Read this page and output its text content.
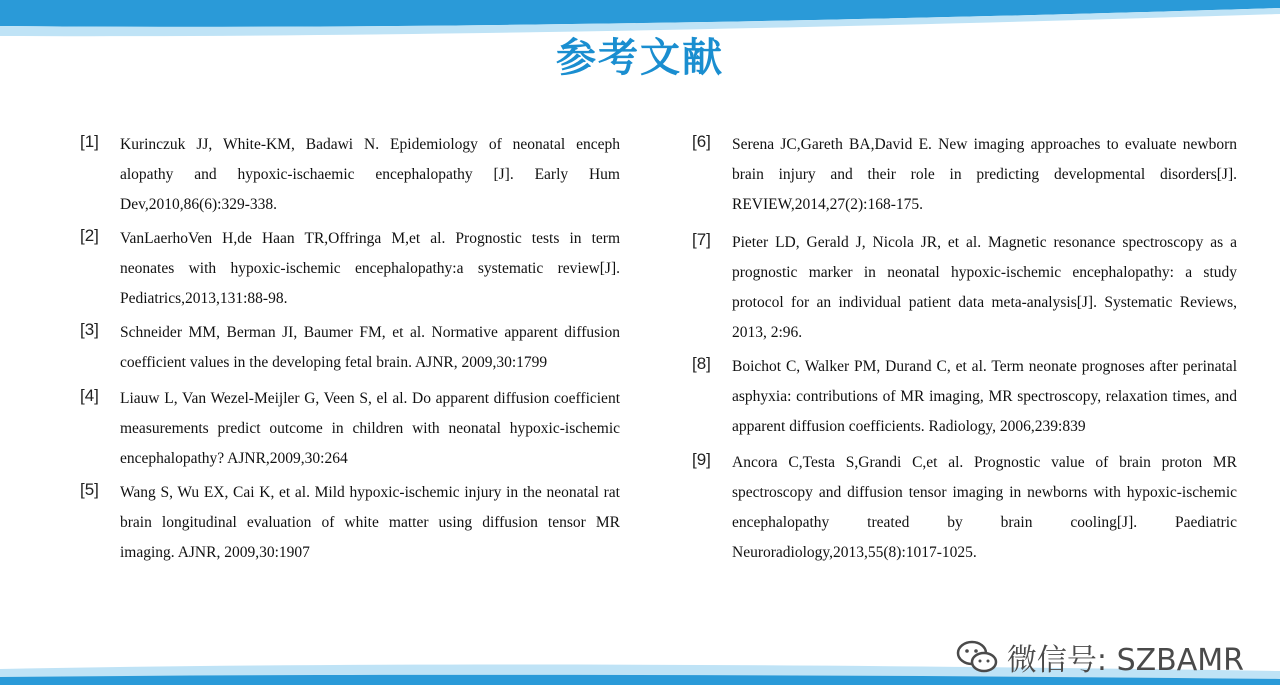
参考文献
[1]	Kurinczuk JJ, White-KM, Badawi N. Epidemiology of neonatal enceph alopathy and hypoxic-ischaemic encephalopathy [J]. Early Hum Dev,2010,86(6):329-338.

[2]	VanLaerhoVen H,de Haan TR,Offringa M,et al. Prognostic tests in term neonates with hypoxic-ischemic encephalopathy:a systematic review[J]. Pediatrics,2013,131:88-98.

[3]	Schneider MM, Berman JI, Baumer FM, et al. Normative apparent diffusion coefficient values in the developing fetal brain. AJNR, 2009,30:1799

[4]	Liauw L, Van Wezel-Meijler G, Veen S, el al. Do apparent diffusion coefficient measurements predict outcome in children with neonatal hypoxic-ischemic encephalopathy? AJNR,2009,30:264

[5]	Wang S, Wu EX, Cai K, et al. Mild hypoxic-ischemic injury in the neonatal rat brain longitudinal evaluation of white matter using diffusion tensor MR imaging. AJNR, 2009,30:1907

[6]	Serena JC,Gareth BA,David E. New imaging approaches to evaluate newborn brain injury and their role in predicting developmental disorders[J]. REVIEW,2014,27(2):168-175.

[7]	Pieter LD, Gerald J, Nicola JR, et al. Magnetic resonance spectroscopy as a prognostic marker in neonatal hypoxic-ischemic encephalopathy: a study protocol for an individual patient data meta-analysis[J]. Systematic Reviews, 2013, 2:96.

[8]	Boichot C, Walker PM, Durand C, et al. Term neonate prognoses after perinatal asphyxia: contributions of MR imaging, MR spectroscopy, relaxation times, and apparent diffusion coefficients. Radiology, 2006,239:839

[9]	Ancora C,Testa S,Grandi C,et al. Prognostic value of brain proton MR spectroscopy and diffusion tensor imaging in newborns with hypoxic-ischemic encephalopathy treated by brain cooling[J]. Paediatric Neuroradiology,2013,55(8):1017-1025.

微信号: SZBAMR
